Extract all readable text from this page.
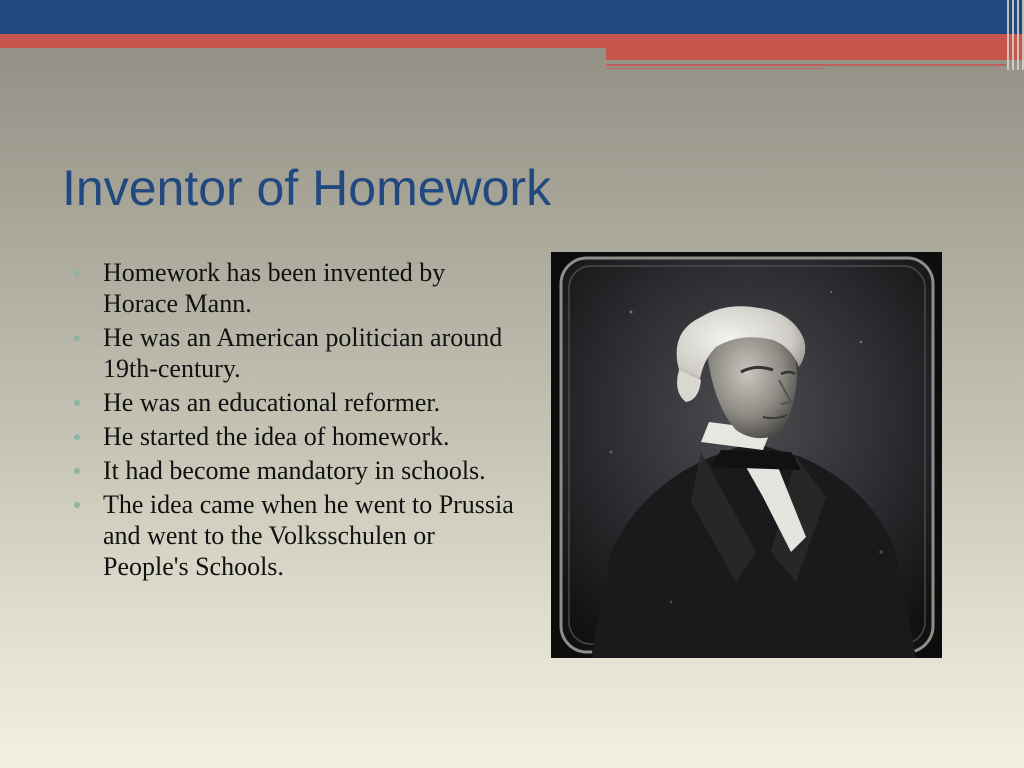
Inventor of Homework
Homework has been invented by Horace Mann.
He was an American politician around 19th-century.
He was an educational reformer.
He started the idea of homework.
It had become mandatory in schools.
The idea came when he went to Prussia and went to the Volksschulen or People's Schools.
